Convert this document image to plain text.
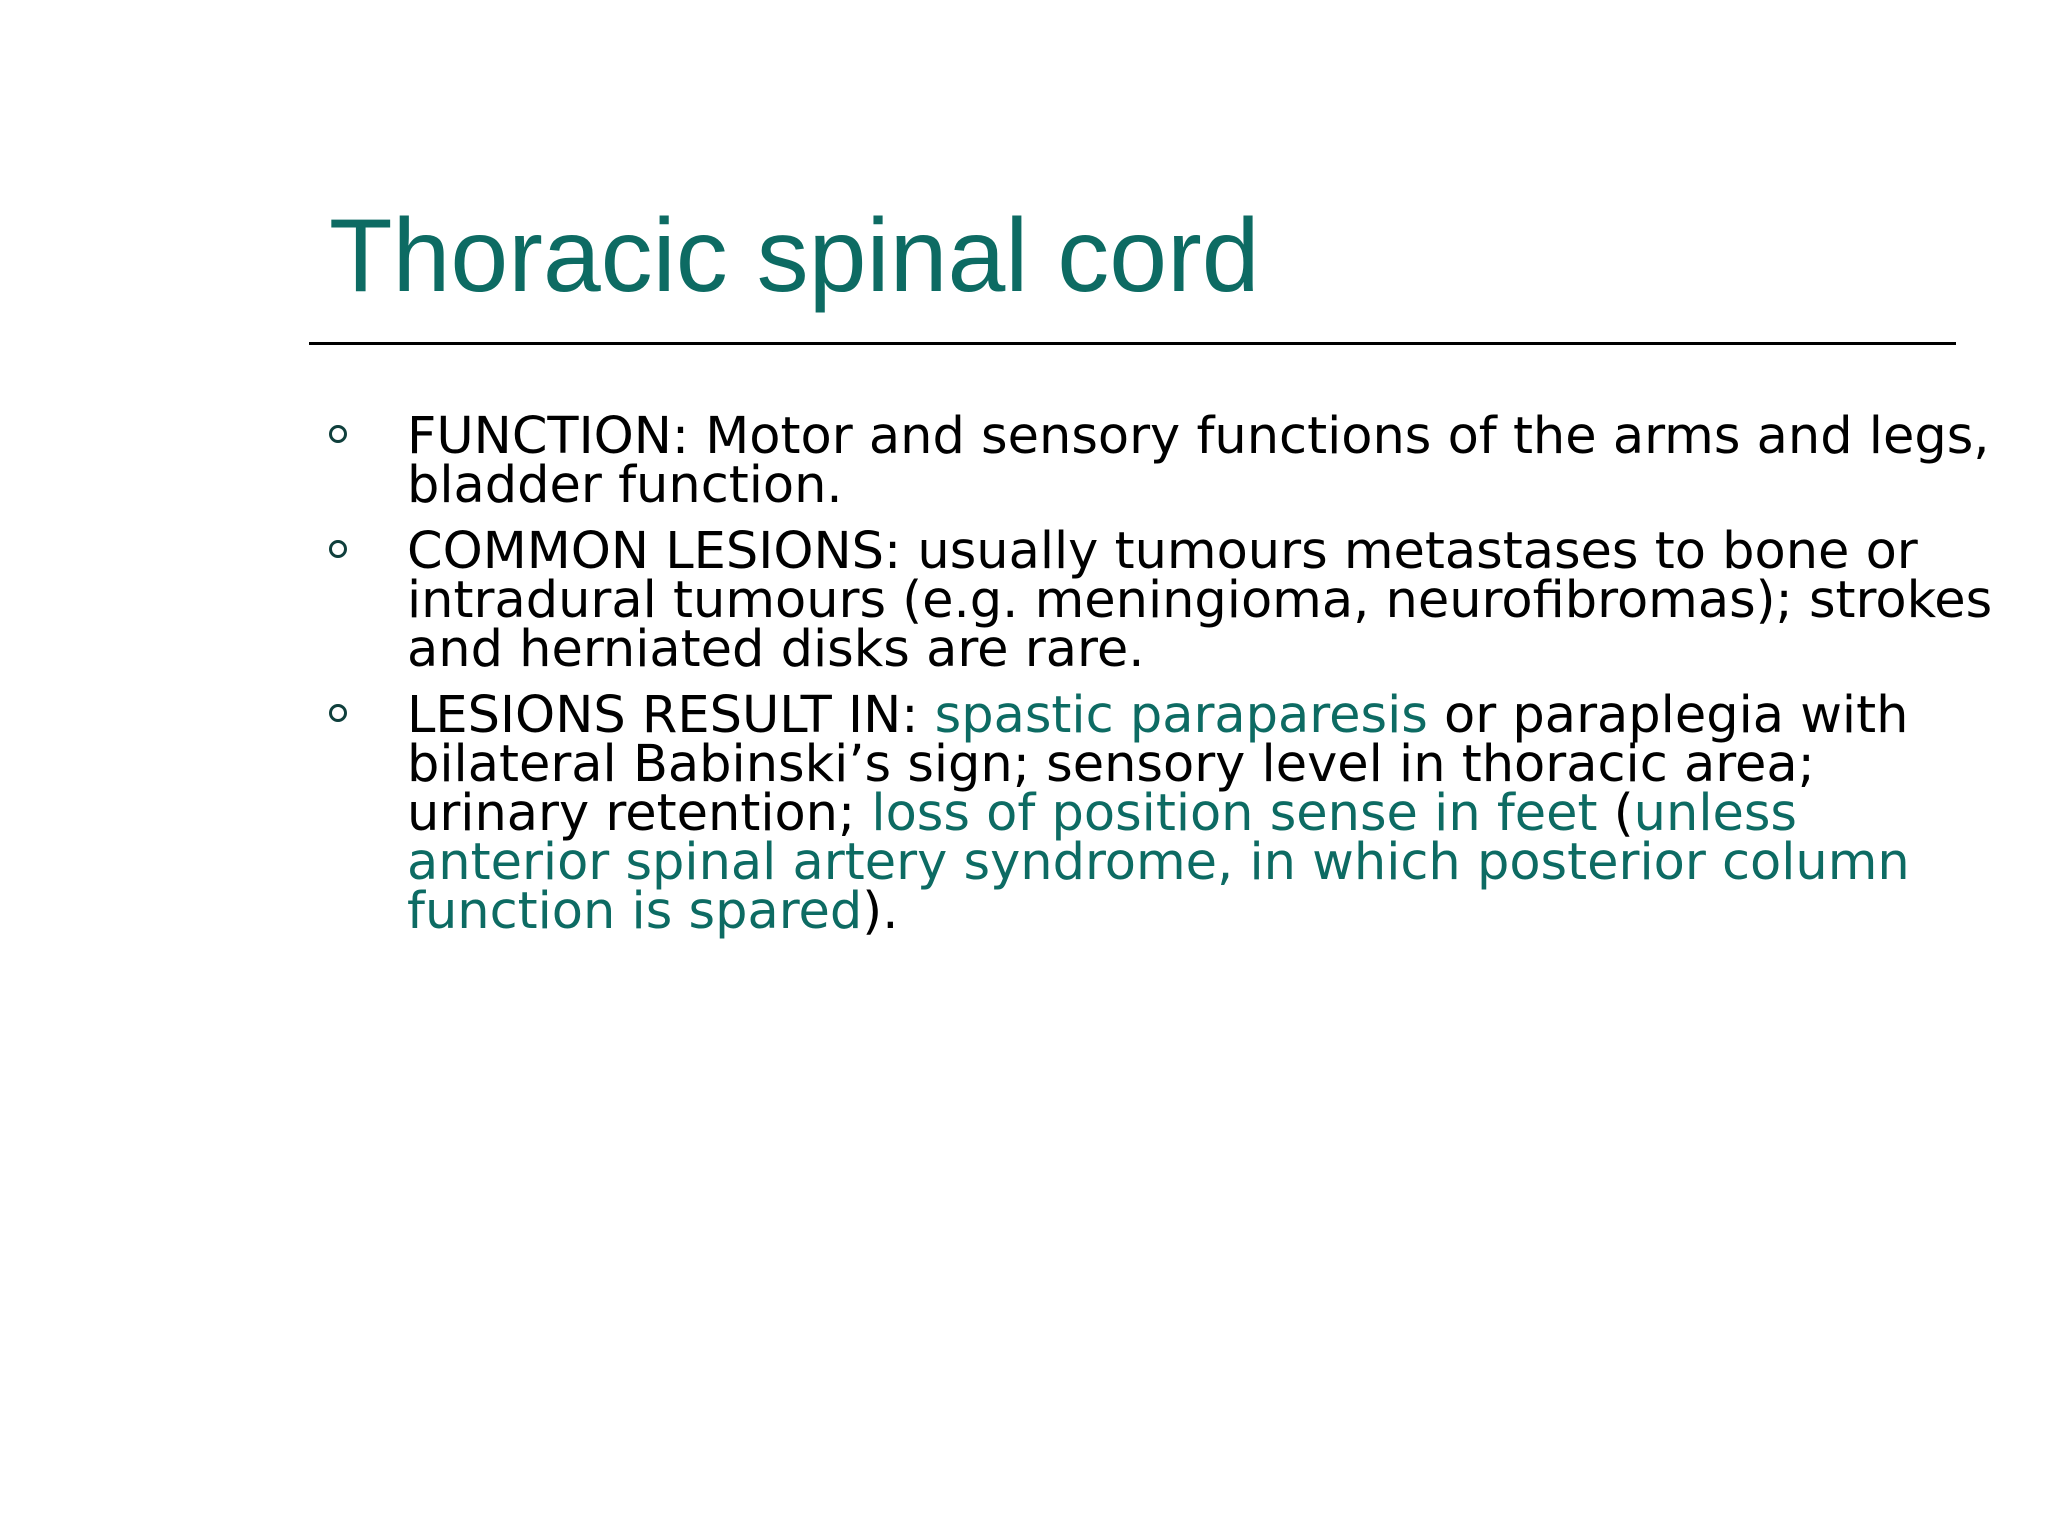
Thoracic spinal cord
FUNCTION: Motor and sensory functions of the arms and legs, bladder function.
COMMON LESIONS: usually tumours metastases to bone or intradural tumours (e.g. meningioma, neurofibromas); strokes and herniated disks are rare.
LESIONS RESULT IN: spastic paraparesis or paraplegia with bilateral Babinski’s sign; sensory level in thoracic area; urinary retention; loss of position sense in feet (unless anterior spinal artery syndrome, in which posterior column function is spared).
